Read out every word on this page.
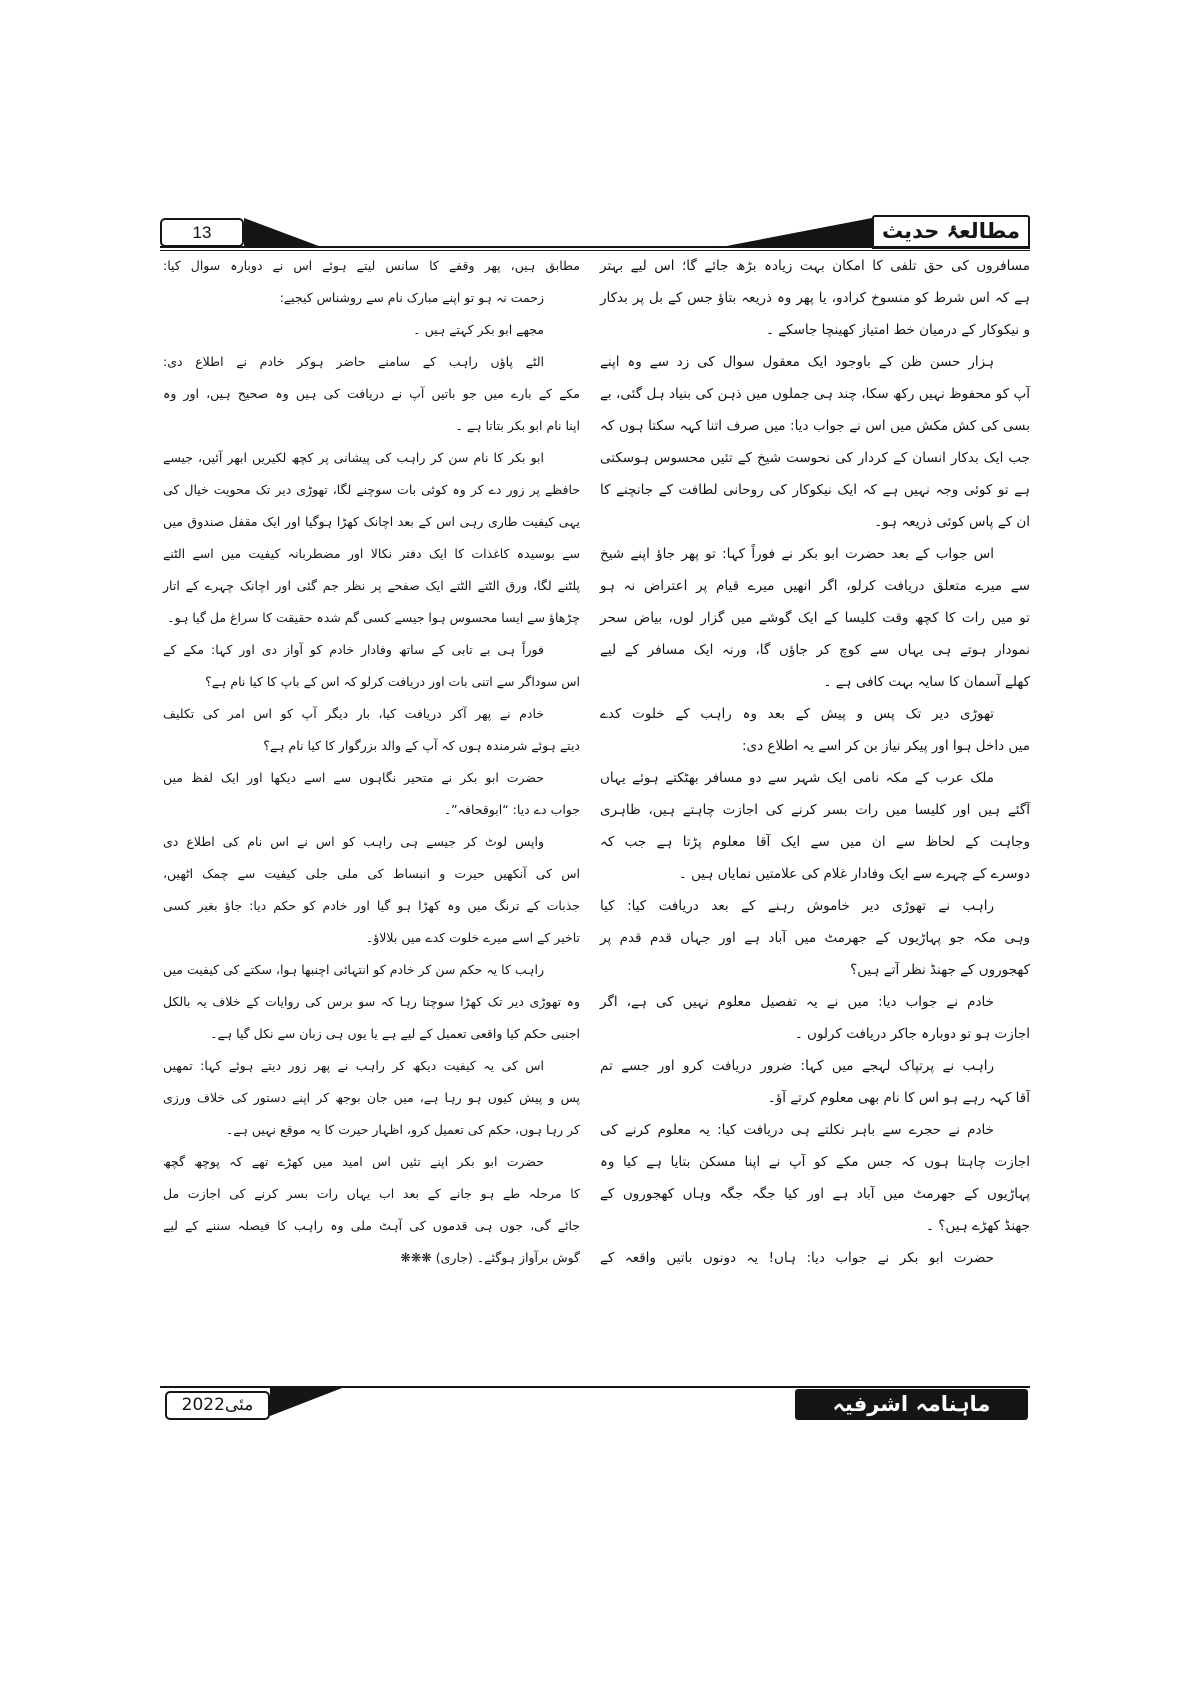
13	مطالعۂ حدیث
مسافروں کی حق تلفی کا امکان بہت زیادہ بڑھ جائے گا؛ اس لیے بہتر
ہے کہ اس شرط کو منسوخ کرادو، یا پھر وہ ذریعہ بتاؤ جس کے بل پر بدکار
و نیکوکار کے درمیان خط امتیاز کھینچا جاسکے ۔
ہزار حسن ظن کے باوجود ایک معقول سوال کی زد سے وہ اپنے
آپ کو محفوظ نہیں رکھ سکا، چند ہی جملوں میں ذہن کی بنیاد ہل گئی، بے
بسی کی کش مکش میں اس نے جواب دیا: میں صرف اتنا کہہ سکتا ہوں کہ
جب ایک بدکار انسان کے کردار کی نحوست شیخ کے تئیں محسوس ہوسکتی
ہے تو کوئی وجہ نہیں ہے کہ ایک نیکوکار کی روحانی لطافت کے جانچنے کا
ان کے پاس کوئی ذریعہ ہو۔
اس جواب کے بعد حضرت ابو بکر نے فوراً کہا: تو پھر جاؤ اپنے شیخ
سے میرے متعلق دریافت کرلو، اگر انھیں میرے قیام پر اعتراض نہ ہو
تو میں رات کا کچھ وقت کلیسا کے ایک گوشے میں گزار لوں، بیاض سحر
نمودار ہوتے ہی یہاں سے کوچ کر جاؤں گا، ورنہ ایک مسافر کے لیے
کھلے آسمان کا سایہ بہت کافی ہے ۔
تھوڑی دیر تک پس و پیش کے بعد وہ راہب کے خلوت کدے
میں داخل ہوا اور پیکر نیاز بن کر اسے یہ اطلاع دی:
ملک عرب کے مکہ نامی ایک شہر سے دو مسافر بھٹکتے ہوئے یہاں
آگئے ہیں اور کلیسا میں رات بسر کرنے کی اجازت چاہتے ہیں، ظاہری
وجاہت کے لحاظ سے ان میں سے ایک آقا معلوم پڑتا ہے جب کہ
دوسرے کے چہرے سے ایک وفادار غلام کی علامتیں نمایاں ہیں ۔
راہب نے تھوڑی دیر خاموش رہنے کے بعد دریافت کیا: کیا
وہی مکہ جو پہاڑیوں کے جھرمٹ میں آباد ہے اور جہاں قدم قدم پر
کھجوروں کے جھنڈ نظر آتے ہیں؟
خادم نے جواب دیا: میں نے یہ تفصیل معلوم نہیں کی ہے، اگر
اجازت ہو تو دوبارہ جاکر دریافت کرلوں ۔
راہب نے پرتپاک لہجے میں کہا: ضرور دریافت کرو اور جسے تم
آقا کہہ رہے ہو اس کا نام بھی معلوم کرتے آؤ۔
خادم نے حجرے سے باہر نکلتے ہی دریافت کیا: یہ معلوم کرنے کی
اجازت چاہتا ہوں کہ جس مکے کو آپ نے اپنا مسکن بتایا ہے کیا وہ
پہاڑیوں کے جھرمٹ میں آباد ہے اور کیا جگہ جگہ وہاں کھجوروں کے
جھنڈ کھڑے ہیں؟ ۔
حضرت ابو بکر نے جواب دیا: ہاں! یہ دونوں باتیں واقعہ کے
مطابق ہیں، پھر وقفے کا سانس لیتے ہوئے اس نے دوبارہ سوال کیا:
زحمت نہ ہو تو اپنے مبارک نام سے روشناس کیجیے:
مجھے ابو بکر کہتے ہیں ۔
الٹے پاؤں راہب کے سامنے حاضر ہوکر خادم نے اطلاع دی:
مکے کے بارے میں جو باتیں آپ نے دریافت کی ہیں وہ صحیح ہیں، اور وہ
اپنا نام ابو بکر بتاتا ہے ۔
ابو بکر کا نام سن کر راہب کی پیشانی پر کچھ لکیریں ابھر آئیں، جیسے
حافظے پر زور دے کر وہ کوئی بات سوچنے لگا، تھوڑی دیر تک محویت خیال کی
یہی کیفیت طاری رہی اس کے بعد اچانک کھڑا ہوگیا اور ایک مقفل صندوق میں
سے بوسیدہ کاغذات کا ایک دفتر نکالا اور مضطربانہ کیفیت میں اسے الٹنے
پلٹنے لگا، ورق الٹتے الٹتے ایک صفحے پر نظر جم گئی اور اچانک چہرے کے اتار
چڑھاؤ سے ایسا محسوس ہوا جیسے کسی گم شدہ حقیقت کا سراغ مل گیا ہو۔
فوراً ہی بے تابی کے ساتھ وفادار خادم کو آواز دی اور کہا: مکے کے
اس سوداگر سے اتنی بات اور دریافت کرلو کہ اس کے باپ کا کیا نام ہے؟
خادم نے پھر آکر دریافت کیا، بار دیگر آپ کو اس امر کی تکلیف
دیتے ہوئے شرمندہ ہوں کہ آپ کے والد بزرگوار کا کیا نام ہے؟
حضرت ابو بکر نے متحیر نگاہوں سے اسے دیکھا اور ایک لفظ میں
جواب دے دیا: “ابوقحافہ”۔
واپس لوٹ کر جیسے ہی راہب کو اس نے اس نام کی اطلاع دی
اس کی آنکھیں حیرت و انبساط کی ملی جلی کیفیت سے چمک اٹھیں،
جذبات کے ترنگ میں وہ کھڑا ہو گیا اور خادم کو حکم دیا: جاؤ بغیر کسی
تاخیر کے اسے میرے خلوت کدے میں بلالاؤ۔
راہب کا یہ حکم سن کر خادم کو انتہائی اچنبھا ہوا، سکتے کی کیفیت میں
وہ تھوڑی دیر تک کھڑا سوچتا رہا کہ سو برس کی روایات کے خلاف یہ بالکل
اجنبی حکم کیا واقعی تعمیل کے لیے ہے یا یوں ہی زبان سے نکل گیا ہے۔
اس کی یہ کیفیت دیکھ کر راہب نے پھر زور دیتے ہوئے کہا: تمھیں
پس و پیش کیوں ہو رہا ہے، میں جان بوجھ کر اپنے دستور کی خلاف ورزی
کر رہا ہوں، حکم کی تعمیل کرو، اظہار حیرت کا یہ موقع نہیں ہے۔
حضرت ابو بکر اپنے تئیں اس امید میں کھڑے تھے کہ پوچھ گچھ
کا مرحلہ طے ہو جانے کے بعد اب یہاں رات بسر کرنے کی اجازت مل
جائے گی، جوں ہی قدموں کی آہٹ ملی وہ راہب کا فیصلہ سننے کے لیے
گوش برآواز ہوگئے۔ (جاری) ❋❋❋
مئی2022	ماہنامہ اشرفیہ
